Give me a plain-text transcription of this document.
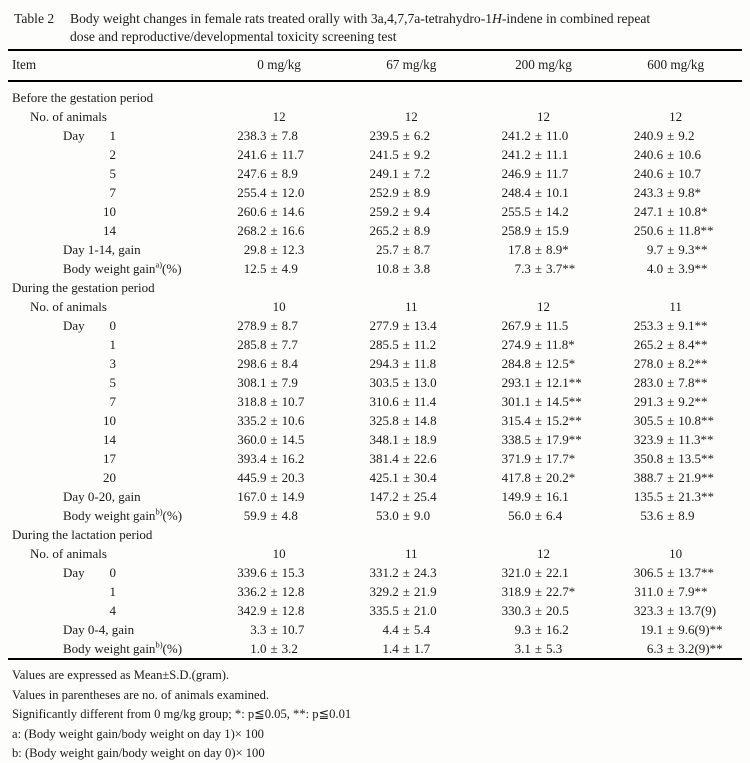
Table 2	Body weight changes in female rats treated orally with 3a,4,7,7a-tetrahydro-1H-indene in combined repeat
dose and reproductive/developmental toxicity screening test
Item	0 mg/kg	67 mg/kg	200 mg/kg	600 mg/kg
Before the gestation period
No. of animals	12	12	12	12
Day 1	238.3 ± 7.8	239.5 ± 6.2	241.2 ± 11.0	240.9 ± 9.2
2	241.6 ± 11.7	241.5 ± 9.2	241.2 ± 11.1	240.6 ± 10.6
5	247.6 ± 8.9	249.1 ± 7.2	246.9 ± 11.7	240.6 ± 10.7
7	255.4 ± 12.0	252.9 ± 8.9	248.4 ± 10.1	243.3 ± 9.8*
10	260.6 ± 14.6	259.2 ± 9.4	255.5 ± 14.2	247.1 ± 10.8*
14	268.2 ± 16.6	265.2 ± 8.9	258.9 ± 15.9	250.6 ± 11.8**
Day 1-14, gain	29.8 ± 12.3	25.7 ± 8.7	17.8 ± 8.9*	9.7 ± 9.3**
Body weight gain$^{a)}$(%)	12.5 ± 4.9	10.8 ± 3.8	7.3 ± 3.7**	4.0 ± 3.9**
During the gestation period
No. of animals	10	11	12	11
Day 0	278.9 ± 8.7	277.9 ± 13.4	267.9 ± 11.5	253.3 ± 9.1**
1	285.8 ± 7.7	285.5 ± 11.2	274.9 ± 11.8*	265.2 ± 8.4**
3	298.6 ± 8.4	294.3 ± 11.8	284.8 ± 12.5*	278.0 ± 8.2**
5	308.1 ± 7.9	303.5 ± 13.0	293.1 ± 12.1**	283.0 ± 7.8**
7	318.8 ± 10.7	310.6 ± 11.4	301.1 ± 14.5**	291.3 ± 9.2**
10	335.2 ± 10.6	325.8 ± 14.8	315.4 ± 15.2**	305.5 ± 10.8**
14	360.0 ± 14.5	348.1 ± 18.9	338.5 ± 17.9**	323.9 ± 11.3**
17	393.4 ± 16.2	381.4 ± 22.6	371.9 ± 17.7*	350.8 ± 13.5**
20	445.9 ± 20.3	425.1 ± 30.4	417.8 ± 20.2*	388.7 ± 21.9**
Day 0-20, gain	167.0 ± 14.9	147.2 ± 25.4	149.9 ± 16.1	135.5 ± 21.3**
Body weight gain$^{b)}$(%)	59.9 ± 4.8	53.0 ± 9.0	56.0 ± 6.4	53.6 ± 8.9
During the lactation period
No. of animals	10	11	12	10
Day 0	339.6 ± 15.3	331.2 ± 24.3	321.0 ± 22.1	306.5 ± 13.7**
1	336.2 ± 12.8	329.2 ± 21.9	318.9 ± 22.7*	311.0 ± 7.9**
4	342.9 ± 12.8	335.5 ± 21.0	330.3 ± 20.5	323.3 ± 13.7(9)
Day 0-4, gain	3.3 ± 10.7	4.4 ± 5.4	9.3 ± 16.2	19.1 ± 9.6(9)**
Body weight gain$^{b)}$(%)	1.0 ± 3.2	1.4 ± 1.7	3.1 ± 5.3	6.3 ± 3.2(9)**
Values are expressed as Mean±S.D.(gram).
Values in parentheses are no. of animals examined.
Significantly different from 0 mg/kg group; *: p≦0.05, **: p≦0.01
a: (Body weight gain/body weight on day 1)× 100
b: (Body weight gain/body weight on day 0)× 100
